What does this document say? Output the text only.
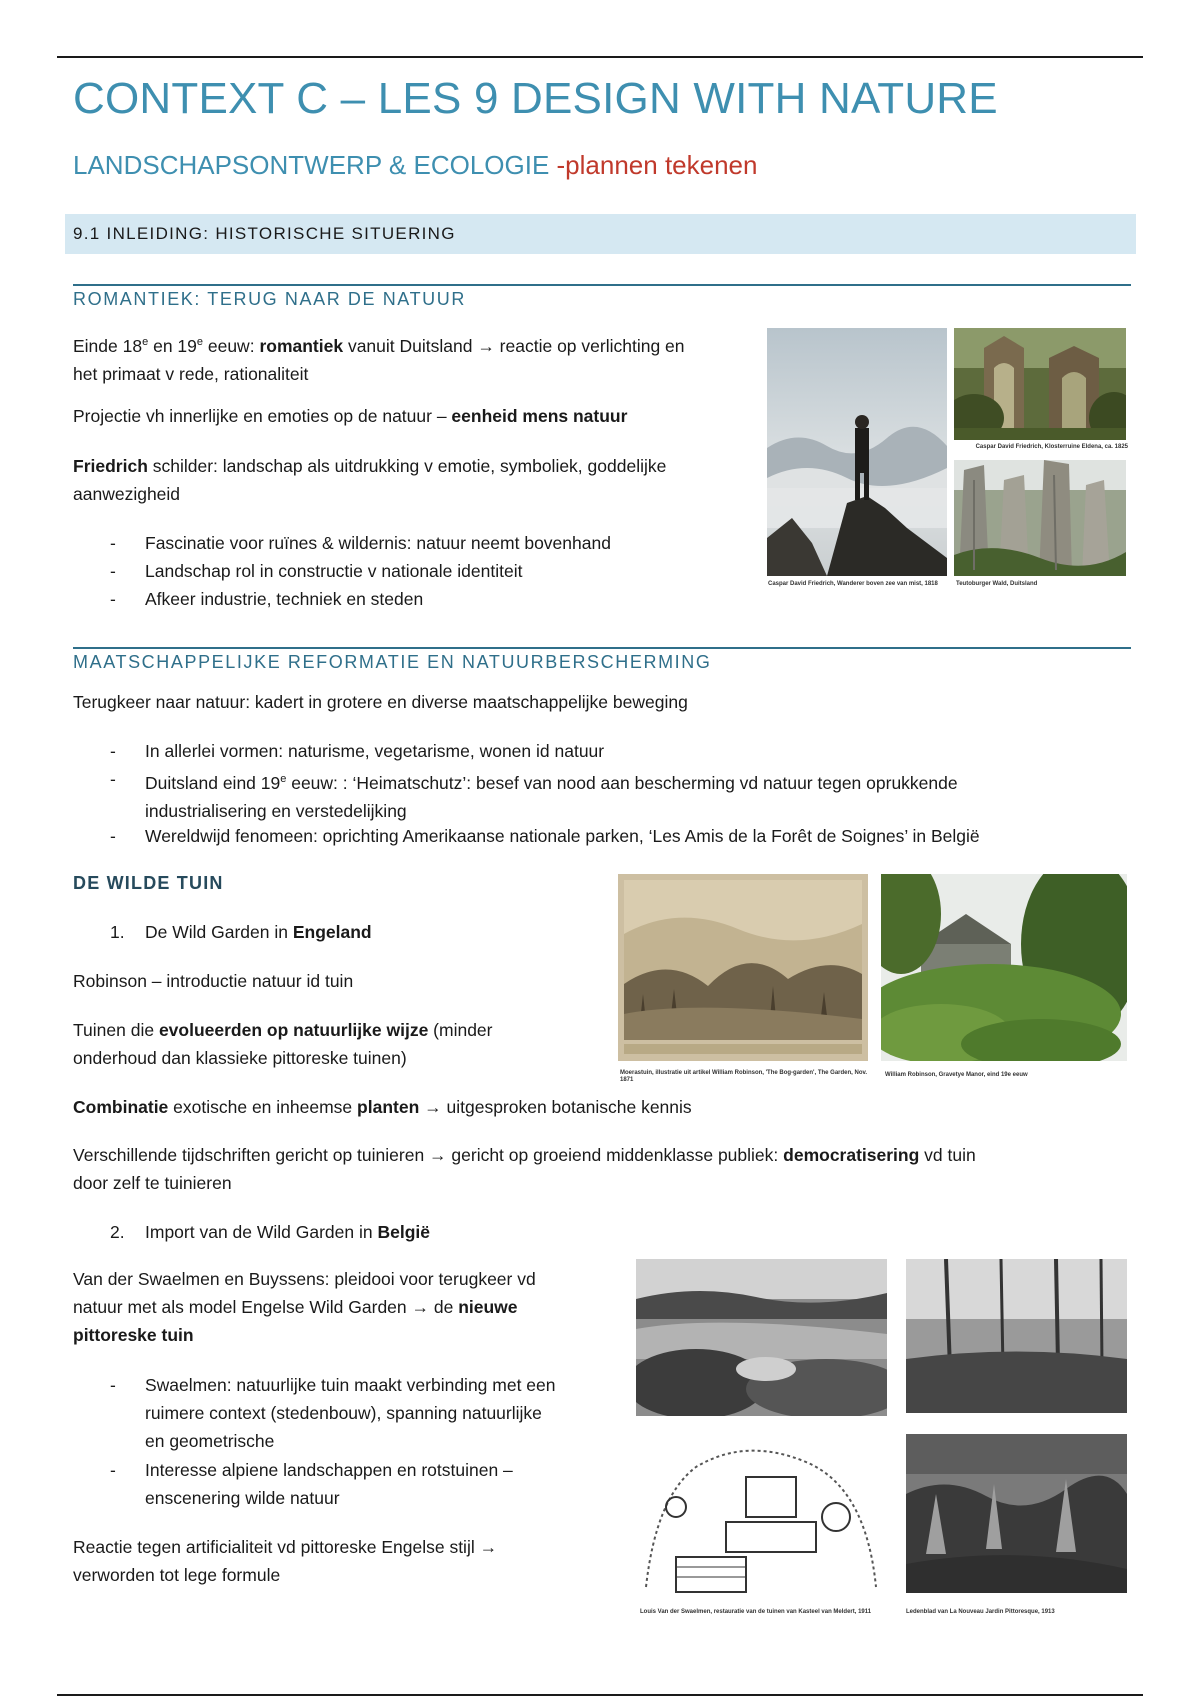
CONTEXT C – LES 9 DESIGN WITH NATURE
LANDSCHAPSONTWERP & ECOLOGIE -plannen tekenen
9.1 INLEIDING: HISTORISCHE SITUERING
ROMANTIEK: TERUG NAAR DE NATUUR
Einde 18e en 19e eeuw: romantiek vanuit Duitsland → reactie op verlichting en
het primaat v rede, rationaliteit
Projectie vh innerlijke en emoties op de natuur – eenheid mens natuur
Friedrich schilder: landschap als uitdrukking v emotie, symboliek, goddelijke
aanwezigheid
-	Fascinatie voor ruïnes & wildernis: natuur neemt bovenhand
-	Landschap rol in constructie v nationale identiteit
-	Afkeer industrie, techniek en steden
Caspar David Friedrich, Wanderer boven zee van mist, 1818
Caspar David Friedrich, Klosterruine Eldena, ca. 1825
Teutoburger Wald, Duitsland
MAATSCHAPPELIJKE REFORMATIE EN NATUURBERSCHERMING
Terugkeer naar natuur: kadert in grotere en diverse maatschappelijke beweging
-	In allerlei vormen: naturisme, vegetarisme, wonen id natuur
-	Duitsland eind 19e eeuw: : ‘Heimatschutz’: besef van nood aan bescherming vd natuur tegen oprukkende
industrialisering en verstedelijking
-	Wereldwijd fenomeen: oprichting Amerikaanse nationale parken, ‘Les Amis de la Forêt de Soignes’ in België
DE WILDE TUIN
1. De Wild Garden in Engeland
Robinson – introductie natuur id tuin
Tuinen die evolueerden op natuurlijke wijze (minder
onderhoud dan klassieke pittoreske tuinen)
Combinatie exotische en inheemse planten → uitgesproken botanische kennis
Verschillende tijdschriften gericht op tuinieren → gericht op groeiend middenklasse publiek: democratisering vd tuin
door zelf te tuinieren
2. Import van de Wild Garden in België
Van der Swaelmen en Buyssens: pleidooi voor terugkeer vd
natuur met als model Engelse Wild Garden → de nieuwe
pittoreske tuin
-	Swaelmen: natuurlijke tuin maakt verbinding met een
ruimere context (stedenbouw), spanning natuurlijke
en geometrische
-	Interesse alpiene landschappen en rotstuinen –
enscenering wilde natuur
Reactie tegen artificialiteit vd pittoreske Engelse stijl →
verworden tot lege formule
Moerastuin, illustratie uit artikel William Robinson, 'The Bog-garden', The Garden, Nov. 1871
William Robinson, Gravetye Manor, eind 19e eeuw
Louis Van der Swaelmen, restauratie van de tuinen van Kasteel van Meldert, 1911	Ledenblad van La Nouveau Jardin Pittoresque, 1913
